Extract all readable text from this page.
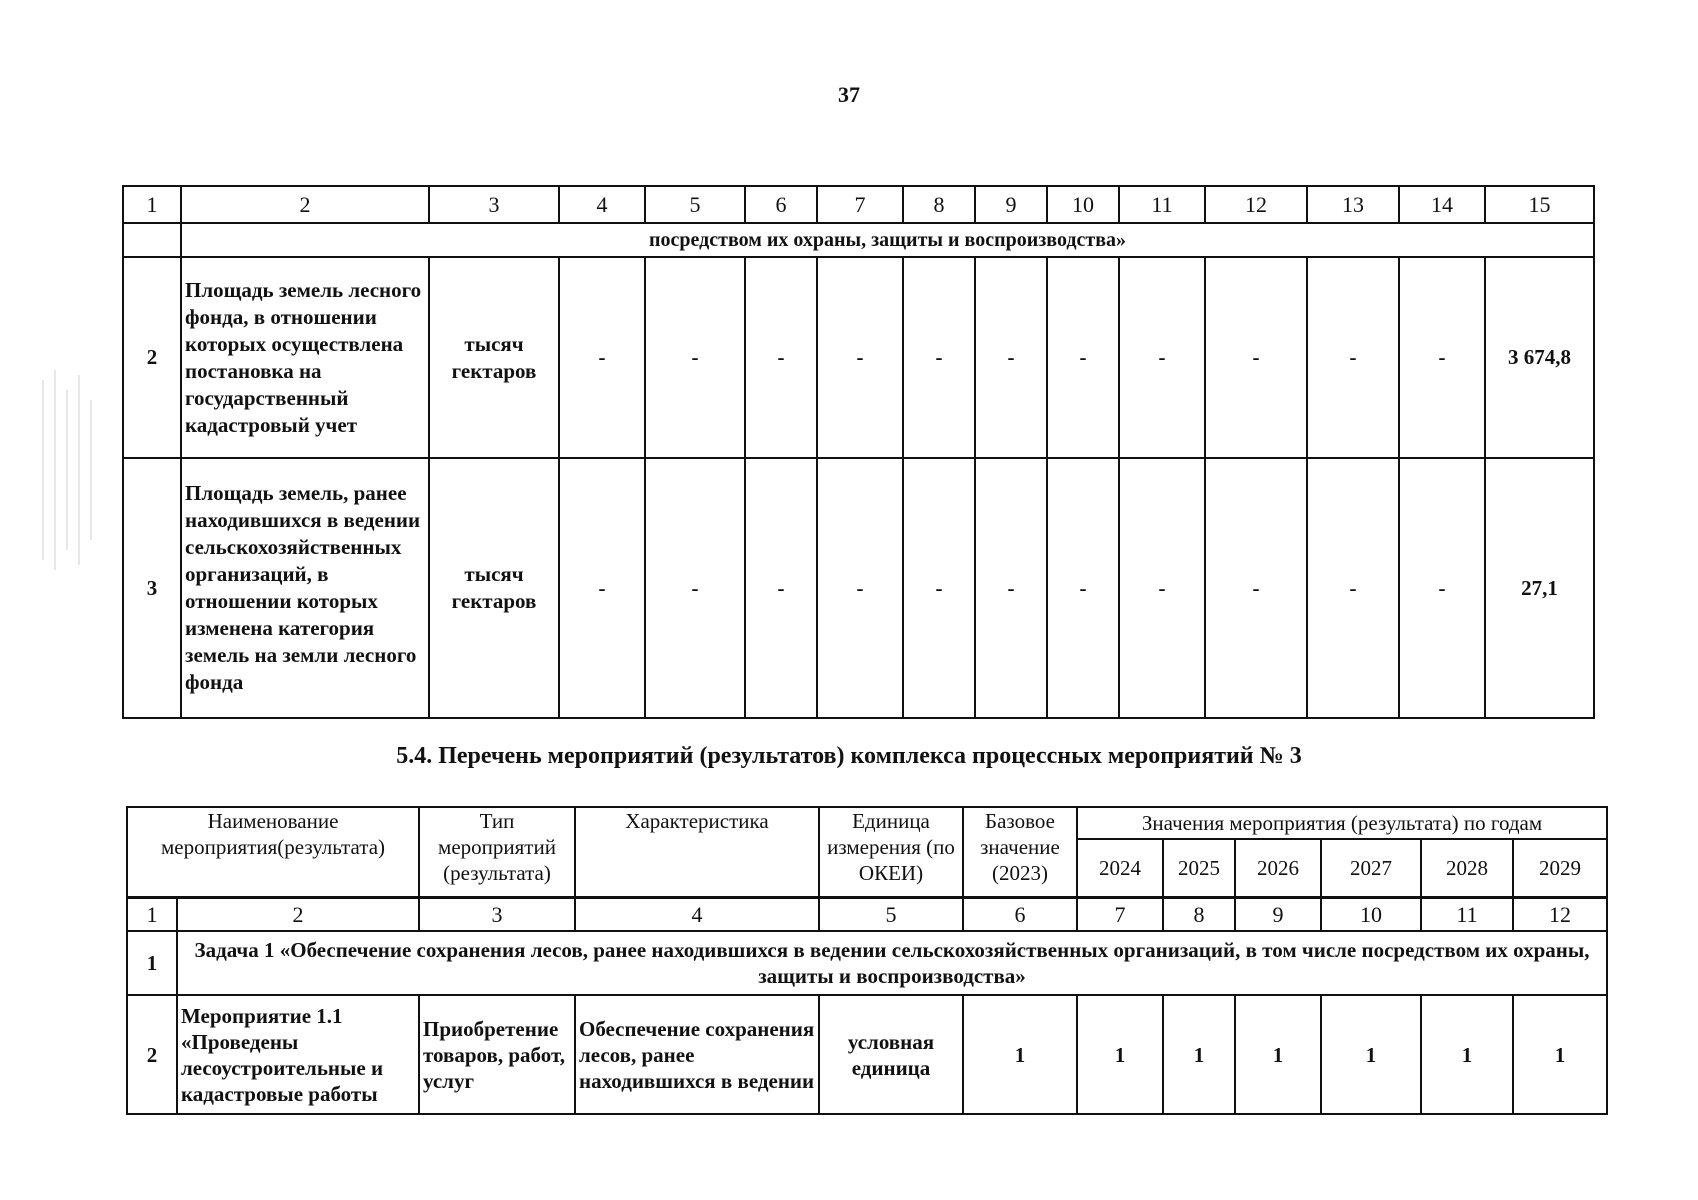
37
1	2	3	4	5	6	7	8	9	10	11	12	13	14	15
	посредством их охраны, защиты и воспроизводства»													
2	Площадь земель лесного фонда, в отношении которых осуществлена постановка на государственный кадастровый учет	тысяч гектаров	-	-	-	-	-	-	-	-	-	-	-	3 674,8
3	Площадь земель, ранее находившихся в ведении сельскохозяйственных организаций, в отношении которых изменена категория земель на земли лесного фонда	тысяч гектаров	-	-	-	-	-	-	-	-	-	-	-	27,1
5.4. Перечень мероприятий (результатов) комплекса процессных мероприятий № 3
Наименование мероприятия(результата)		Тип мероприятий (результата)	Характеристика	Единица измерения (по ОКЕИ)	Базовое значение (2023)	Значения мероприятия (результата) по годам					
						2024	2025	2026	2027	2028	2029
1	2	3	4	5	6	7	8	9	10	11	12
1	Задача 1 «Обеспечение сохранения лесов, ранее находившихся в ведении сельскохозяйственных организаций, в том числе посредством их охраны, защиты и воспроизводства»										
2	Мероприятие 1.1 «Проведены лесоустроительные и кадастровые работы	Приобретение товаров, работ, услуг	Обеспечение сохранения лесов, ранее находившихся в ведении	условная единица	1	1	1	1	1	1	1
